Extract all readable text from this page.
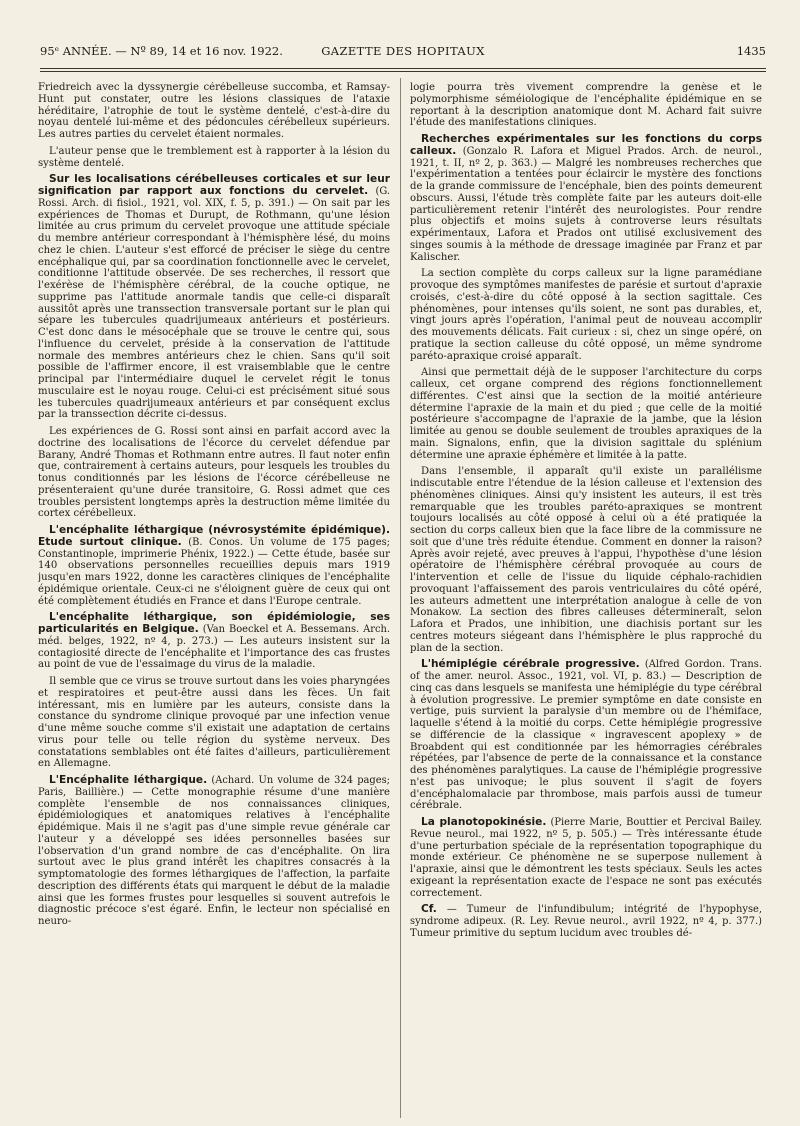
95ᵉ ANNÉE. — Nº 89, 14 et 16 nov. 1922.	GAZETTE DES HOPITAUX	1435

Friedreich avec la dyssynergie cérébelleuse succomba, et Ramsay-Hunt put constater, outre les lésions classiques de l'ataxie héréditaire, l'atrophie de tout le système dentelé, c'est-à-dire du noyau dentelé lui-même et des pédoncules cérébelleux supérieurs. Les autres parties du cervelet étaient normales.

L'auteur pense que le tremblement est à rapporter à la lésion du système dentelé.

Sur les localisations cérébelleuses corticales et sur leur signification par rapport aux fonctions du cervelet. (G. Rossi. Arch. di fisiol., 1921, vol. XIX, f. 5, p. 391.) — On sait par les expériences de Thomas et Durupt, de Rothmann, qu'une lésion limitée au crus primum du cervelet provoque une attitude spéciale du membre antérieur correspondant à l'hémisphère lésé, du moins chez le chien. L'auteur s'est efforcé de préciser le siège du centre encéphalique qui, par sa coordination fonctionnelle avec le cervelet, conditionne l'attitude observée. De ses recherches, il ressort que l'exérèse de l'hémisphère cérébral, de la couche optique, ne supprime pas l'attitude anormale tandis que celle-ci disparaît aussitôt après une transsection transversale portant sur le plan qui sépare les tubercules quadrijumeaux antérieurs et postérieurs. C'est donc dans le mésocéphale que se trouve le centre qui, sous l'influence du cervelet, préside à la conservation de l'attitude normale des membres antérieurs chez le chien. Sans qu'il soit possible de l'affirmer encore, il est vraisemblable que le centre principal par l'intermédiaire duquel le cervelet régit le tonus musculaire est le noyau rouge. Celui-ci est précisément situé sous les tubercules quadrijumeaux antérieurs et par conséquent exclus par la transsection décrite ci-dessus.

Les expériences de G. Rossi sont ainsi en parfait accord avec la doctrine des localisations de l'écorce du cervelet défendue par Barany, André Thomas et Rothmann entre autres. Il faut noter enfin que, contrairement à certains auteurs, pour lesquels les troubles du tonus conditionnés par les lésions de l'écorce cérébelleuse ne présenteraient qu'une durée transitoire, G. Rossi admet que ces troubles persistent longtemps après la destruction même limitée du cortex cérébelleux.

L'encéphalite léthargique (névrosystémite épidémique). Etude surtout clinique. (B. Conos. Un volume de 175 pages; Constantinople, imprimerie Phénix, 1922.) — Cette étude, basée sur 140 observations personnelles recueillies depuis mars 1919 jusqu'en mars 1922, donne les caractères cliniques de l'encéphalite épidémique orientale. Ceux-ci ne s'éloignent guère de ceux qui ont été complètement étudiés en France et dans l'Europe centrale.

L'encéphalite léthargique, son épidémiologie, ses particularités en Belgique. (Van Boeckel et A. Bessemans. Arch. méd. belges, 1922, nº 4, p. 273.) — Les auteurs insistent sur la contagiosité directe de l'encéphalite et l'importance des cas frustes au point de vue de l'essaimage du virus de la maladie.

Il semble que ce virus se trouve surtout dans les voies pharyngées et respiratoires et peut-être aussi dans les fèces. Un fait intéressant, mis en lumière par les auteurs, consiste dans la constance du syndrome clinique provoqué par une infection venue d'une même souche comme s'il existait une adaptation de certains virus pour telle ou telle région du système nerveux. Des constatations semblables ont été faites d'ailleurs, particulièrement en Allemagne.

L'Encéphalite léthargique. (Achard. Un volume de 324 pages; Paris, Baillière.) — Cette monographie résume d'une manière complète l'ensemble de nos connaissances cliniques, épidémiologiques et anatomiques relatives à l'encéphalite épidémique. Mais il ne s'agit pas d'une simple revue générale car l'auteur y a développé ses idées personnelles basées sur l'observation d'un grand nombre de cas d'encéphalite. On lira surtout avec le plus grand intérêt les chapitres consacrés à la symptomatologie des formes léthargiques de l'affection, la parfaite description des différents états qui marquent le début de la maladie ainsi que les formes frustes pour lesquelles si souvent autrefois le diagnostic précoce s'est égaré. Enfin, le lecteur non spécialisé en neuro-

logie pourra très vivement comprendre la genèse et le polymorphisme séméiologique de l'encéphalite épidémique en se reportant à la description anatomique dont M. Achard fait suivre l'étude des manifestations cliniques.

Recherches expérimentales sur les fonctions du corps calleux. (Gonzalo R. Lafora et Miguel Prados. Arch. de neurol., 1921, t. II, nº 2, p. 363.) — Malgré les nombreuses recherches que l'expérimentation a tentées pour éclaircir le mystère des fonctions de la grande commissure de l'encéphale, bien des points demeurent obscurs. Aussi, l'étude très complète faite par les auteurs doit-elle particulièrement retenir l'intérêt des neurologistes. Pour rendre plus objectifs et moins sujets à controverse leurs résultats expérimentaux, Lafora et Prados ont utilisé exclusivement des singes soumis à la méthode de dressage imaginée par Franz et par Kalischer.

La section complète du corps calleux sur la ligne paramédiane provoque des symptômes manifestes de parésie et surtout d'apraxie croisés, c'est-à-dire du côté opposé à la section sagittale. Ces phénomènes, pour intenses qu'ils soient, ne sont pas durables, et, vingt jours après l'opération, l'animal peut de nouveau accomplir des mouvements délicats. Fait curieux : si, chez un singe opéré, on pratique la section calleuse du côté opposé, un même syndrome parétо-apraxique croisé apparaît.

Ainsi que permettait déjà de le supposer l'architecture du corps calleux, cet organe comprend des régions fonctionnellement différentes. C'est ainsi que la section de la moitié antérieure détermine l'apraxie de la main et du pied ; que celle de la moitié postérieure s'accompagne de l'apraxie de la jambe, que la lésion limitée au genou se double seulement de troubles apraxiques de la main. Signalons, enfin, que la division sagittale du splénium détermine une apraxie éphémère et limitée à la patte.

Dans l'ensemble, il apparaît qu'il existe un parallélisme indiscutable entre l'étendue de la lésion calleuse et l'extension des phénomènes cliniques. Ainsi qu'y insistent les auteurs, il est très remarquable que les troubles parétо-apraxiques se montrent toujours localisés au côté opposé à celui où a été pratiquée la section du corps calleux bien que la face libre de la commissure ne soit que d'une très réduite étendue. Comment en donner la raison? Après avoir rejeté, avec preuves à l'appui, l'hypothèse d'une lésion opératoire de l'hémisphère cérébral provoquée au cours de l'intervention et celle de l'issue du liquide céphalo-rachidien provoquant l'affaissement des parois ventriculaires du côté opéré, les auteurs admettent une interprétation analogue à celle de von Monakow. La section des fibres calleuses détermineraît, selon Lafora et Prados, une inhibition, une diachisis portant sur les centres moteurs siégeant dans l'hémisphère le plus rapproché du plan de la section.

L'hémiplégie cérébrale progressive. (Alfred Gordon. Trans. of the amer. neurol. Assoc., 1921, vol. VI, p. 83.) — Description de cinq cas dans lesquels se manifesta une hémiplégie du type cérébral à évolution progressive. Le premier symptôme en date consiste en vertige, puis survient la paralysie d'un membre ou de l'hémiface, laquelle s'étend à la moitié du corps. Cette hémiplégie progressive se différencie de la classique « ingravescent apoplexy » de Broabdent qui est conditionnée par les hémorragies cérébrales répétées, par l'absence de perte de la connaissance et la constance des phénomènes paralytiques. La cause de l'hémiplégie progressive n'est pas univoque; le plus souvent il s'agit de foyers d'encéphalomalacie par thrombose, mais parfois aussi de tumeur cérébrale.

La planotopokinésie. (Pierre Marie, Bouttier et Percival Bailey. Revue neurol., mai 1922, nº 5, p. 505.) — Très intéressante étude d'une perturbation spéciale de la représentation topographique du monde extérieur. Ce phénomène ne se superpose nullement à l'apraxie, ainsi que le démontrent les tests spéciaux. Seuls les actes exigeant la représentation exacte de l'espace ne sont pas exécutés correctement.

Cf. — Tumeur de l'infundibulum; intégrité de l'hypophyse, syndrome adipeux. (R. Ley. Revue neurol., avril 1922, nº 4, p. 377.) Tumeur primitive du septum lucidum avec troubles dé-
